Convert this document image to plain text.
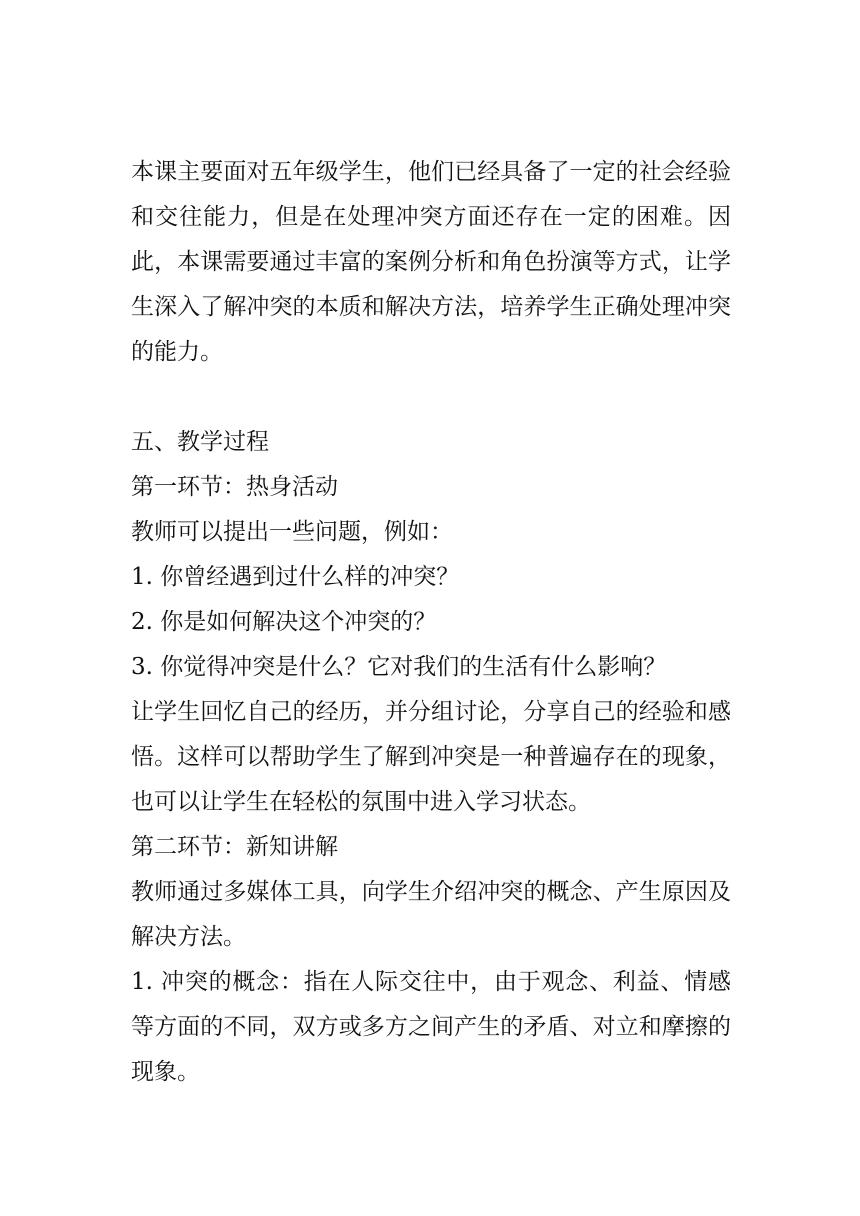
本课主要面对五年级学生，他们已经具备了一定的社会经验和交往能力，但是在处理冲突方面还存在一定的困难。因此，本课需要通过丰富的案例分析和角色扮演等方式，让学生深入了解冲突的本质和解决方法，培养学生正确处理冲突的能力。

五、教学过程

第一环节：热身活动

教师可以提出一些问题，例如：

1. 你曾经遇到过什么样的冲突？

2. 你是如何解决这个冲突的？

3. 你觉得冲突是什么？它对我们的生活有什么影响？

让学生回忆自己的经历，并分组讨论，分享自己的经验和感悟。这样可以帮助学生了解到冲突是一种普遍存在的现象，也可以让学生在轻松的氛围中进入学习状态。

第二环节：新知讲解

教师通过多媒体工具，向学生介绍冲突的概念、产生原因及解决方法。

1. 冲突的概念：指在人际交往中，由于观念、利益、情感等方面的不同，双方或多方之间产生的矛盾、对立和摩擦的现象。
